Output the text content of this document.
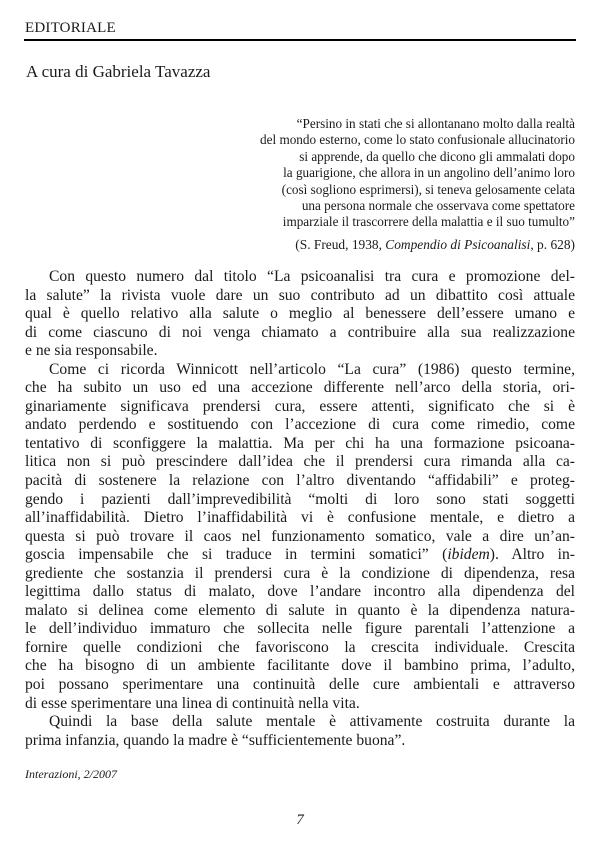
EDITORIALE
A cura di Gabriela Tavazza
“Persino in stati che si allontanano molto dalla realtà
del mondo esterno, come lo stato confusionale allucinatorio
si apprende, da quello che dicono gli ammalati dopo
la guarigione, che allora in un angolino dell’animo loro
(così sogliono esprimersi), si teneva gelosamente celata
una persona normale che osservava come spettatore
imparziale il trascorrere della malattia e il suo tumulto”
(S. Freud, 1938, Compendio di Psicoanalisi, p. 628)
Con questo numero dal titolo “La psicoanalisi tra cura e promozione del-
la salute” la rivista vuole dare un suo contributo ad un dibattito così attuale
qual è quello relativo alla salute o meglio al benessere dell’essere umano e
di come ciascuno di noi venga chiamato a contribuire alla sua realizzazione
e ne sia responsabile.
Come ci ricorda Winnicott nell’articolo “La cura” (1986) questo termine,
che ha subito un uso ed una accezione differente nell’arco della storia, ori-
ginariamente significava prendersi cura, essere attenti, significato che si è
andato perdendo e sostituendo con l’accezione di cura come rimedio, come
tentativo di sconfiggere la malattia. Ma per chi ha una formazione psicoana-
litica non si può prescindere dall’idea che il prendersi cura rimanda alla ca-
pacità di sostenere la relazione con l’altro diventando “affidabili” e proteg-
gendo i pazienti dall’imprevedibilità “molti di loro sono stati soggetti
all’inaffidabilità. Dietro l’inaffidabilità vi è confusione mentale, e dietro a
questa si può trovare il caos nel funzionamento somatico, vale a dire un’an-
goscia impensabile che si traduce in termini somatici” (ibidem). Altro in-
grediente che sostanzia il prendersi cura è la condizione di dipendenza, resa
legittima dallo status di malato, dove l’andare incontro alla dipendenza del
malato si delinea come elemento di salute in quanto è la dipendenza natura-
le dell’individuo immaturo che sollecita nelle figure parentali l’attenzione a
fornire quelle condizioni che favoriscono la crescita individuale. Crescita
che ha bisogno di un ambiente facilitante dove il bambino prima, l’adulto,
poi possano sperimentare una continuità delle cure ambientali e attraverso
di esse sperimentare una linea di continuità nella vita.
Quindi la base della salute mentale è attivamente costruita durante la
prima infanzia, quando la madre è “sufficientemente buona”.
Interazioni, 2/2007
7
